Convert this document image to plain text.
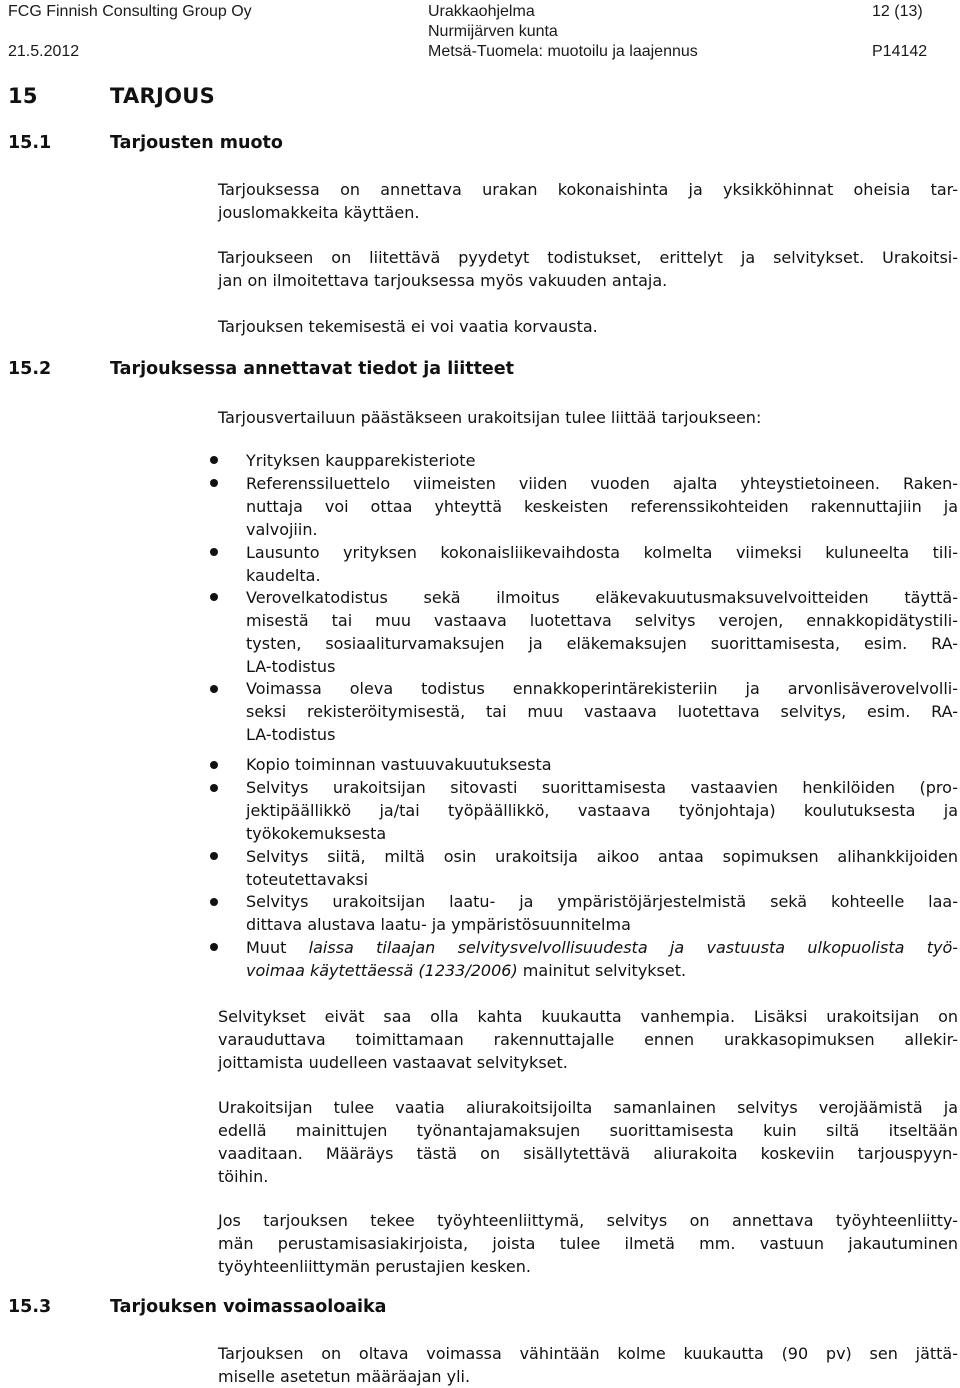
FCG Finnish Consulting Group Oy
21.5.2012
Urakkaohjelma
Nurmijärven kunta
Metsä-Tuomela: muotoilu ja laajennus
12 (13)
P14142
15	TARJOUS
15.1	Tarjousten muoto
Tarjouksessa on annettava urakan kokonaishinta ja yksikköhinnat oheisia tar-
jouslomakkeita käyttäen.
Tarjoukseen on liitettävä pyydetyt todistukset, erittelyt ja selvitykset. Urakoitsi-
jan on ilmoitettava tarjouksessa myös vakuuden antaja.
Tarjouksen tekemisestä ei voi vaatia korvausta.
15.2	Tarjouksessa annettavat tiedot ja liitteet
Tarjousvertailuun päästäkseen urakoitsijan tulee liittää tarjoukseen:
Yrityksen kaupparekisteriote
Referenssiluettelo viimeisten viiden vuoden ajalta yhteystietoineen. Raken-
nuttaja voi ottaa yhteyttä keskeisten referenssikohteiden rakennuttajiin ja
valvojiin.
Lausunto yrityksen kokonaisliikevaihdosta kolmelta viimeksi kuluneelta tili-
kaudelta.
Verovelkatodistus sekä ilmoitus eläkevakuutusmaksuvelvoitteiden täyttä-
misestä tai muu vastaava luotettava selvitys verojen, ennakkopidätystili-
tysten, sosiaaliturvamaksujen ja eläkemaksujen suorittamisesta, esim. RA-
LA-todistus
Voimassa oleva todistus ennakkoperintärekisteriin ja arvonlisäverovelvolli-
seksi rekisteröitymisestä, tai muu vastaava luotettava selvitys, esim. RA-
LA-todistus
Kopio toiminnan vastuuvakuutuksesta
Selvitys urakoitsijan sitovasti suorittamisesta vastaavien henkilöiden (pro-
jektipäällikkö ja/tai työpäällikkö, vastaava työnjohtaja) koulutuksesta ja
työkokemuksesta
Selvitys siitä, miltä osin urakoitsija aikoo antaa sopimuksen alihankkijoiden
toteutettavaksi
Selvitys urakoitsijan laatu- ja ympäristöjärjestelmistä sekä kohteelle laa-
dittava alustava laatu- ja ympäristösuunnitelma
Muut laissa tilaajan selvitysvelvollisuudesta ja vastuusta ulkopuolista työ-
voimaa käytettäessä (1233/2006) mainitut selvitykset.
Selvitykset eivät saa olla kahta kuukautta vanhempia. Lisäksi urakoitsijan on
varauduttava toimittamaan rakennuttajalle ennen urakkasopimuksen allekir-
joittamista uudelleen vastaavat selvitykset.
Urakoitsijan tulee vaatia aliurakoitsijoilta samanlainen selvitys verojäämistä ja
edellä mainittujen työnantajamaksujen suorittamisesta kuin siltä itseltään
vaaditaan. Määräys tästä on sisällytettävä aliurakoita koskeviin tarjouspyyn-
töihin.
Jos tarjouksen tekee työyhteenliittymä, selvitys on annettava työyhteenliitty-
män perustamisasiakirjoista, joista tulee ilmetä mm. vastuun jakautuminen
työyhteenliittymän perustajien kesken.
15.3	Tarjouksen voimassaoloaika
Tarjouksen on oltava voimassa vähintään kolme kuukautta (90 pv) sen jättä-
miselle asetetun määräajan yli.
